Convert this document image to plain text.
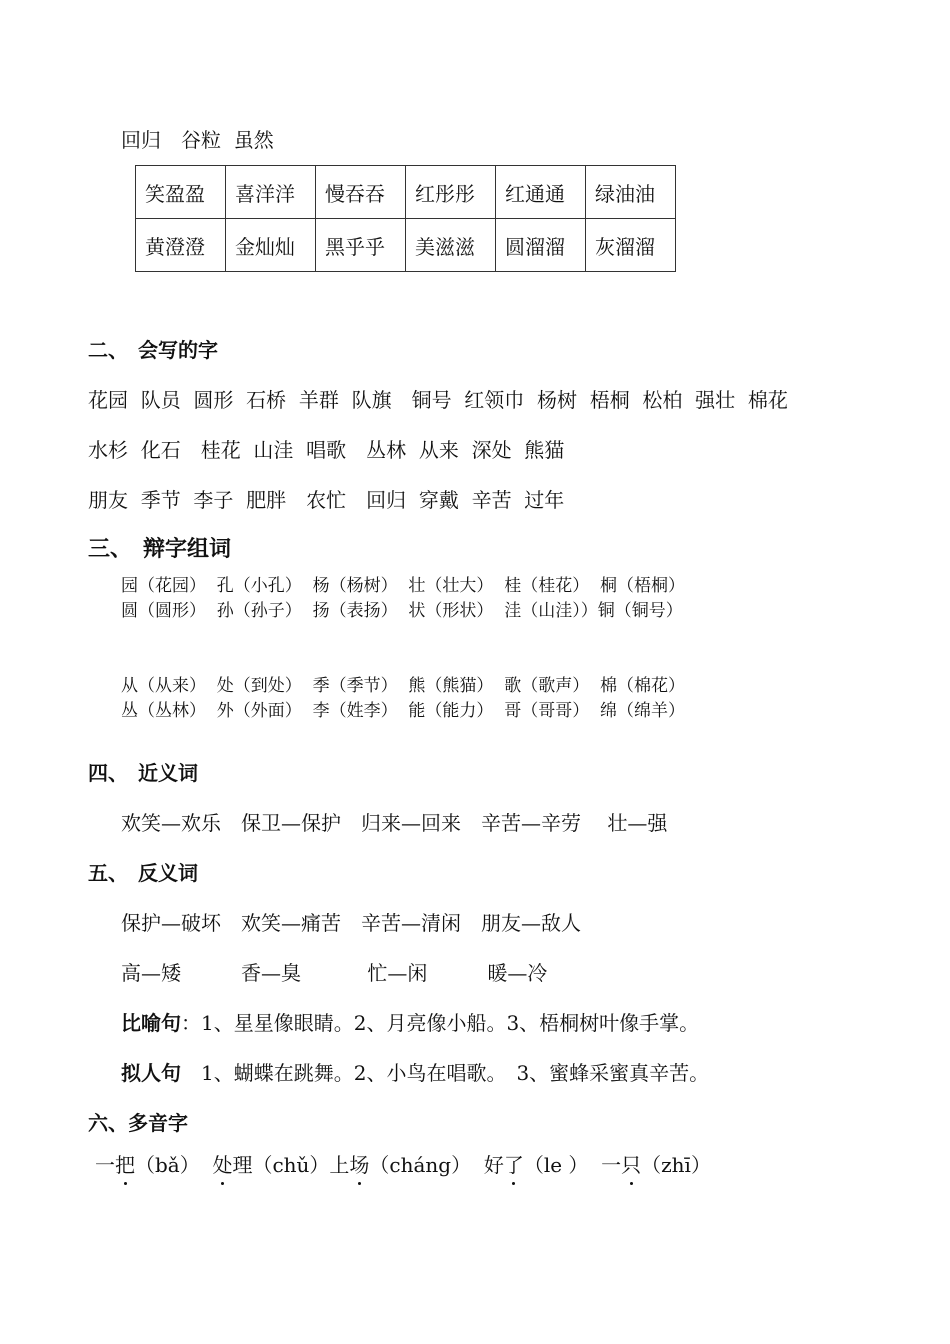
回归　谷粒  虽然
笑盈盈	喜洋洋	慢吞吞	红彤彤	红通通	绿油油
黄澄澄	金灿灿	黑乎乎	美滋滋	圆溜溜	灰溜溜
二、　会写的字
花园  队员  圆形  石桥  羊群  队旗　铜号  红领巾  杨树  梧桐  松柏  强壮  棉花
水杉  化石　桂花  山洼  唱歌　丛林  从来  深处  熊猫
朋友  季节  李子  肥胖　农忙　回归  穿戴  辛苦  过年
三、　辩字组词
园（花园）  孔（小孔）  杨（杨树）  壮（壮大）  桂（桂花）  桐（梧桐）
圆（圆形）  孙（孙子）  扬（表扬）  状（形状）  洼（山洼））铜（铜号）
从（从来）  处（到处）  季（季节）  熊（熊猫）  歌（歌声）  棉（棉花）
丛（丛林）  外（外面）  李（姓李）  能（能力）  哥（哥哥）  绵（绵羊）
四、　近义词
欢笑—欢乐　保卫—保护　归来—回来　辛苦—辛劳　 壮—强
五、　反义词
保护—破坏　欢笑—痛苦　辛苦—清闲　朋友—敌人
高—矮　　　香—臭　　　 忙—闲　　　暖—冷
比喻句：1、星星像眼睛。2、月亮像小船。3、梧桐树叶像手掌。
拟人句　1、蝴蝶在跳舞。2、小鸟在唱歌。　3、蜜蜂采蜜真辛苦。
六、多音字
一把（bǎ） 处理（chǔ） 上场（cháng） 好了（le ） 一只（zhī）
